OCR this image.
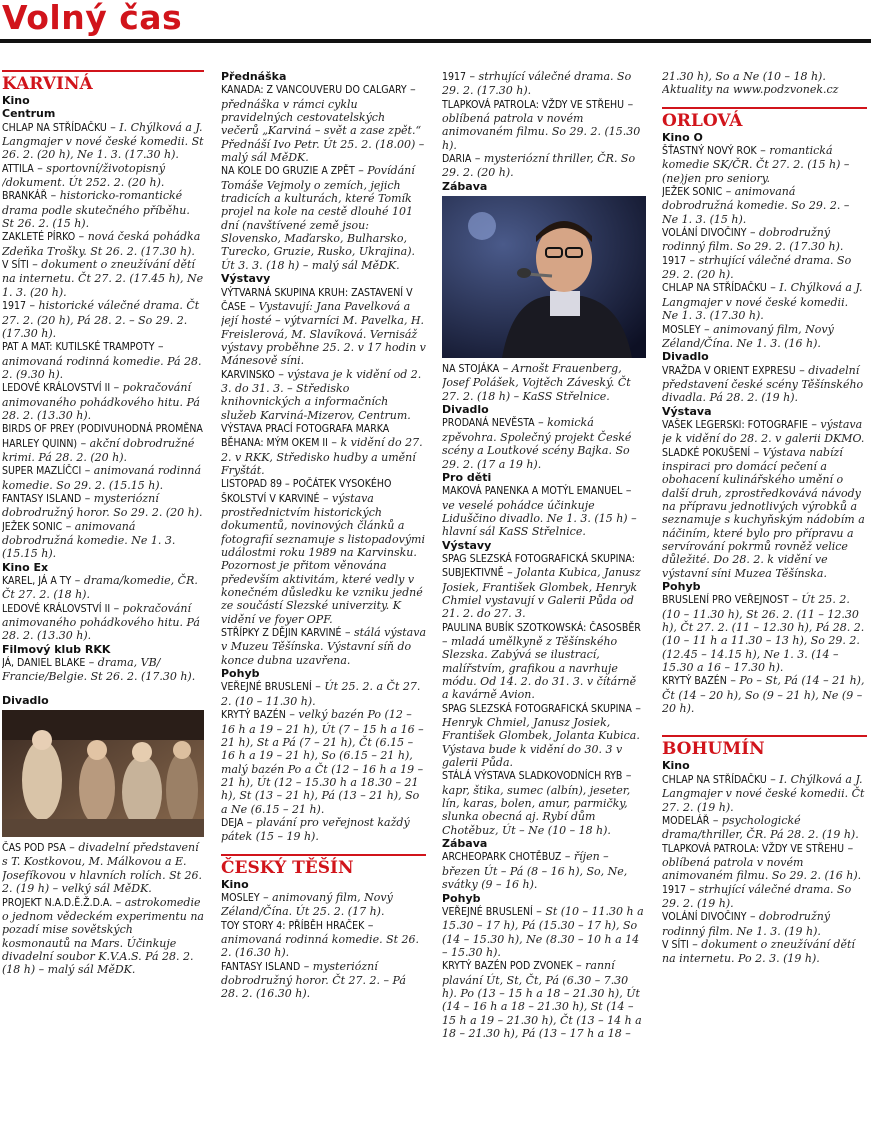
Volný čas
KARVINÁ
Kino
Centrum

CHLAP NA STŘÍDAČKU – I. Chýlková a J. Langmajer v nové české komedii. St 26. 2. (20 h), Ne 1. 3. (17.30 h).

ATTILA – sportovní/životopisný /dokument. Út 252. 2. (20 h).

BRANKÁŘ – historicko-romantické drama podle skutečného příběhu. St 26. 2. (15 h).

ZAKLETÉ PÍRKO – nová česká pohádka Zdeňka Trošky. St 26. 2. (17.30 h).

V SÍTI – dokument o zneužívání dětí na internetu. Čt 27. 2. (17.45 h), Ne 1. 3. (20 h).

1917 – historické válečné drama. Čt 27. 2. (20 h), Pá 28. 2. – So 29. 2. (17.30 h).

PAT A MAT: KUTILSKÉ TRAMPOTY – animovaná rodinná komedie. Pá 28. 2. (9.30 h).

LEDOVÉ KRÁLOVSTVÍ II – pokračování animovaného pohádkového hitu. Pá 28. 2. (13.30 h).

BIRDS OF PREY (PODIVUHODNÁ PROMĚNA HARLEY QUINN) – akční dobrodružné krimi. Pá 28. 2. (20 h).

SUPER MAZLÍČCI – animovaná rodinná komedie. So 29. 2. (15.15 h).

FANTASY ISLAND – mysteriózní dobrodružný horor. So 29. 2. (20 h).

JEŽEK SONIC – animovaná dobrodružná komedie. Ne 1. 3. (15.15 h).

Kino Ex

KAREL, JÁ A TY – drama/komedie, ČR. Čt 27. 2. (18 h).

LEDOVÉ KRÁLOVSTVÍ II – pokračování animovaného pohádkového hitu. Pá 28. 2. (13.30 h).

Filmový klub RKK

JÁ, DANIEL BLAKE – drama, VB/ Francie/Belgie. St 26. 2. (17.30 h).

Divadlo

ČAS POD PSA – divadelní představení s T. Kostkovou, M. Málkovou a E. Josefíkovou v hlavních rolích. St 26. 2. (19 h) – velký sál MěDK.

PROJEKT N.A.D.Ě.Ž.D.A. – astrokomedie o jednom vědeckém experimentu na pozadí mise sovětských kosmonautů na Mars. Účinkuje divadelní soubor K.V.A.S. Pá 28. 2. (18 h) – malý sál MěDK.

Přednáška

KANADA: Z VANCOUVERU DO CALGARY – přednáška v rámci cyklu pravidelných cestovatelských večerů „Karviná – svět a zase zpět.“ Přednáší Ivo Petr. Út 25. 2. (18.00) – malý sál MěDK.

NA KOLE DO GRUZIE A ZPĚT – Povídání Tomáše Vejmoly o zemích, jejich tradicích a kulturách, které Tomík projel na kole na cestě dlouhé 101 dní (navštívené země jsou: Slovensko, Maďarsko, Bulharsko, Turecko, Gruzie, Rusko, Ukrajina). Út 3. 3. (18 h) – malý sál MěDK.

Výstavy

VÝTVARNÁ SKUPINA KRUH: ZASTAVENÍ V ČASE – Vystavují: Jana Pavelková a její hosté – výtvarníci M. Pavelka, H. Freislerová, M. Slavíková. Vernisáž výstavy proběhne 25. 2. v 17 hodin v Mánesově síni.

KARVINSKO – výstava je k vidění od 2. 3. do 31. 3. – Středisko knihovnických a informačních služeb Karviná-Mizerov, Centrum.

VÝSTAVA PRACÍ FOTOGRAFA MARKA BĚHANA: MÝM OKEM II – k vidění do 27. 2. v RKK, Středisko hudby a umění Fryštát.

LISTOPAD 89 – POČÁTEK VYSOKÉHO ŠKOLSTVÍ V KARVINÉ – výstava prostřednictvím historických dokumentů, novinových článků a fotografií seznamuje s listopadovými událostmi roku 1989 na Karvinsku. Pozornost je přitom věnována především aktivitám, které vedly v konečném důsledku ke vzniku jedné ze součástí Slezské univerzity. K vidění ve foyer OPF.

STŘÍPKY Z DĚJIN KARVINÉ – stálá výstava v Muzeu Těšínska. Výstavní síň do konce dubna uzavřena.

Pohyb

VEŘEJNÉ BRUSLENÍ – Út 25. 2. a Čt 27. 2. (10 – 11.30 h).

KRYTÝ BAZÉN – velký bazén Po (12 – 16 h a 19 – 21 h), Út (7 – 15 h a 16 – 21 h), St a Pá (7 – 21 h), Čt (6.15 – 16 h a 19 – 21 h), So (6.15 – 21 h), malý bazén Po a Čt (12 – 16 h a 19 – 21 h), Út (12 – 15.30 h a 18.30 – 21 h), St (13 – 21 h), Pá (13 – 21 h), So a Ne (6.15 – 21 h).

DEJA – plavání pro veřejnost každý pátek (15 – 19 h).

ČESKÝ TĚŠÍN
Kino

MOSLEY – animovaný film, Nový Zéland/Čína. Út 25. 2. (17 h).

TOY STORY 4: PŘÍBĚH HRAČEK – animovaná rodinná komedie. St 26. 2. (16.30 h).

FANTASY ISLAND – mysteriózní dobrodružný horor. Čt 27. 2. – Pá 28. 2. (16.30 h).

1917 – strhující válečné drama. So 29. 2. (17.30 h).

TLAPKOVÁ PATROLA: VŽDY VE STŘEHU – oblíbená patrola v novém animovaném filmu. So 29. 2. (15.30 h).

DARIA – mysteriózní thriller, ČR. So 29. 2. (20 h).

Zábava

NA STOJÁKA – Arnošt Frauenberg, Josef Polášek, Vojtěch Záveský. Čt 27. 2. (18 h) – KaSS Střelnice.

Divadlo

PRODANÁ NEVĚSTA – komická zpěvohra. Společný projekt České scény a Loutkové scény Bajka. So 29. 2. (17 a 19 h).

Pro děti

MAKOVÁ PANENKA A MOTÝL EMANUEL – ve veselé pohádce účinkuje Liduščino divadlo. Ne 1. 3. (15 h) – hlavní sál KaSS Střelnice.

Výstavy

SPAG SLEZSKÁ FOTOGRAFICKÁ SKUPINA: SUBJEKTIVNĚ – Jolanta Kubica, Janusz Josiek, František Glombek, Henryk Chmiel vystavují v Galerii Půda od 21. 2. do 27. 3.

PAULINA BUBÍK SZOTKOWSKÁ: ČASOSBĚR – mladá umělkyně z Těšínského Slezska. Zabývá se ilustrací, malířstvím, grafikou a navrhuje módu. Od 14. 2. do 31. 3. v čítárně a kavárně Avion.

SPAG SLEZSKÁ FOTOGRAFICKÁ SKUPINA – Henryk Chmiel, Janusz Josiek, František Glombek, Jolanta Kubica. Výstava bude k vidění do 30. 3 v galerii Půda.

STÁLÁ VÝSTAVA SLADKOVODNÍCH RYB – kapr, štika, sumec (albín), jeseter, lín, karas, bolen, amur, parmičky, slunka obecná aj. Rybí dům Chotěbuz, Út – Ne (10 – 18 h).

Zábava

ARCHEOPARK CHOTĚBUZ – říjen – březen Út – Pá (8 – 16 h), So, Ne, svátky (9 – 16 h).

Pohyb

VEŘEJNÉ BRUSLENÍ – St (10 – 11.30 h a 15.30 – 17 h), Pá (15.30 – 17 h), So (14 – 15.30 h), Ne (8.30 – 10 h a 14 – 15.30 h).

KRYTÝ BAZÉN POD ZVONEK – ranní plavání Út, St, Čt, Pá (6.30 – 7.30 h). Po (13 – 15 h a 18 – 21.30 h), Út (14 – 16 h a 18 – 21.30 h), St (14 – 15 h a 19 – 21.30 h), Čt (13 – 14 h a 18 – 21.30 h), Pá (13 – 17 h a 18 –

21.30 h), So a Ne (10 – 18 h). Aktuality na www.podzvonek.cz

ORLOVÁ
Kino O

ŠŤASTNÝ NOVÝ ROK – romantická komedie SK/ČR. Čt 27. 2. (15 h) – (ne)jen pro seniory.

JEŽEK SONIC – animovaná dobrodružná komedie. So 29. 2. – Ne 1. 3. (15 h).

VOLÁNÍ DIVOČINY – dobrodružný rodinný film. So 29. 2. (17.30 h).

1917 – strhující válečné drama. So 29. 2. (20 h).

CHLAP NA STŘÍDAČKU – I. Chýlková a J. Langmajer v nové české komedii. Ne 1. 3. (17.30 h).

MOSLEY – animovaný film, Nový Zéland/Čína. Ne 1. 3. (16 h).

Divadlo

VRAŽDA V ORIENT EXPRESU – divadelní představení české scény Těšínského divadla. Pá 28. 2. (19 h).

Výstava

VAŠEK LEGERSKI: FOTOGRAFIE – výstava je k vidění do 28. 2. v galerii DKMO.

SLADKÉ POKUŠENÍ – Výstava nabízí inspiraci pro domácí pečení a obohacení kulinářského umění o další druh, zprostředkovává návody na přípravu jednotlivých výrobků a seznamuje s kuchyňským nádobím a náčiním, které bylo pro přípravu a servírování pokrmů rovněž velice důležité. Do 28. 2. k vidění ve výstavní síni Muzea Těšínska.

Pohyb

BRUSLENÍ PRO VEŘEJNOST – Út 25. 2. (10 – 11.30 h), St 26. 2. (11 – 12.30 h), Čt 27. 2. (11 – 12.30 h), Pá 28. 2. (10 – 11 h a 11.30 – 13 h), So 29. 2. (12.45 – 14.15 h), Ne 1. 3. (14 – 15.30 a 16 – 17.30 h).

KRYTÝ BAZÉN – Po – St, Pá (14 – 21 h), Čt (14 – 20 h), So (9 – 21 h), Ne (9 – 20 h).

BOHUMÍN
Kino

CHLAP NA STŘÍDAČKU – I. Chýlková a J. Langmajer v nové české komedii. Čt 27. 2. (19 h).

MODELÁŘ – psychologické drama/thriller, ČR. Pá 28. 2. (19 h).

TLAPKOVÁ PATROLA: VŽDY VE STŘEHU – oblíbená patrola v novém animovaném filmu. So 29. 2. (16 h).

1917 – strhující válečné drama. So 29. 2. (19 h).

VOLÁNÍ DIVOČINY – dobrodružný rodinný film. Ne 1. 3. (19 h).

V SÍTI – dokument o zneužívání dětí na internetu. Po 2. 3. (19 h).
